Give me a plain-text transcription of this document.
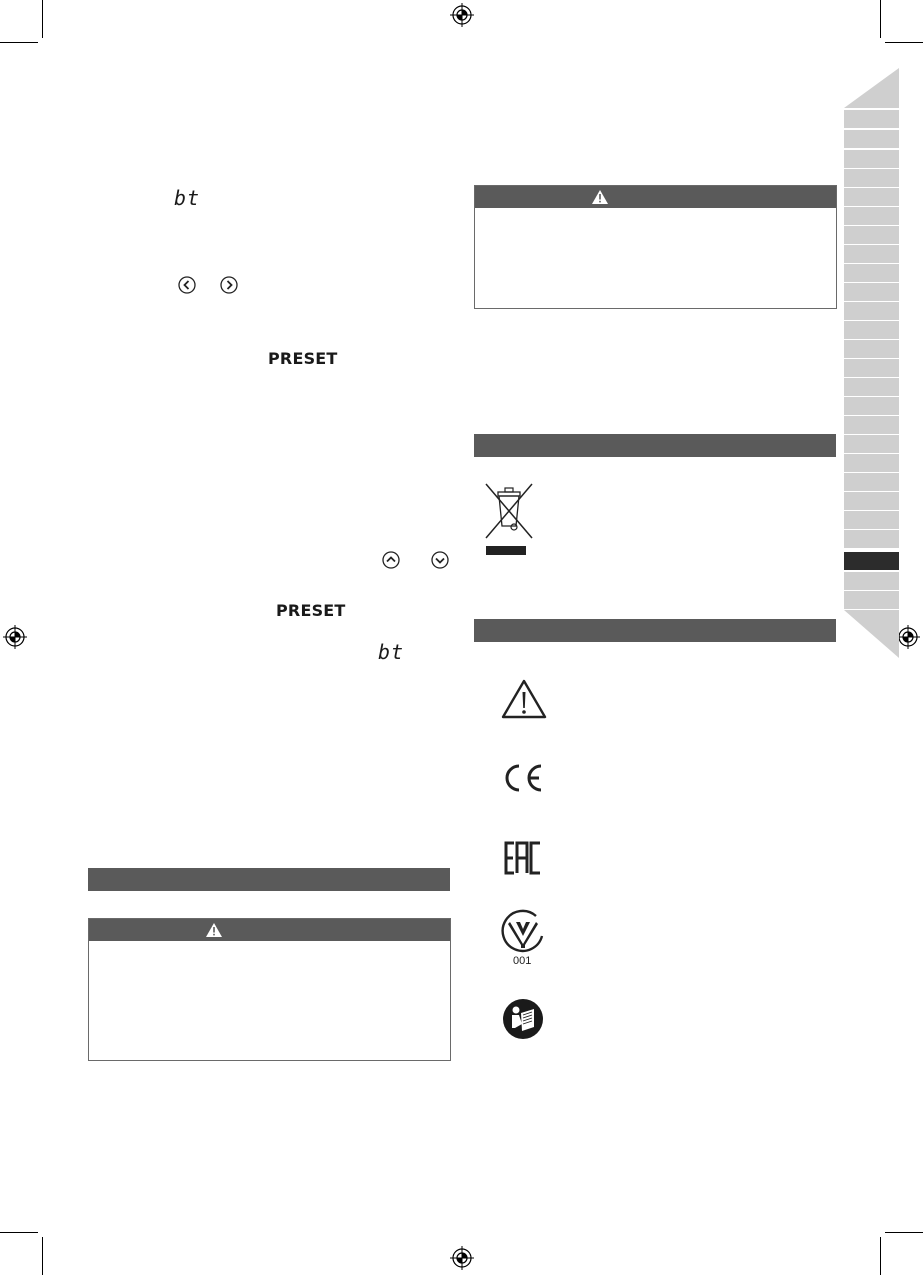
bt
PRESET
PRESET
bt
001
